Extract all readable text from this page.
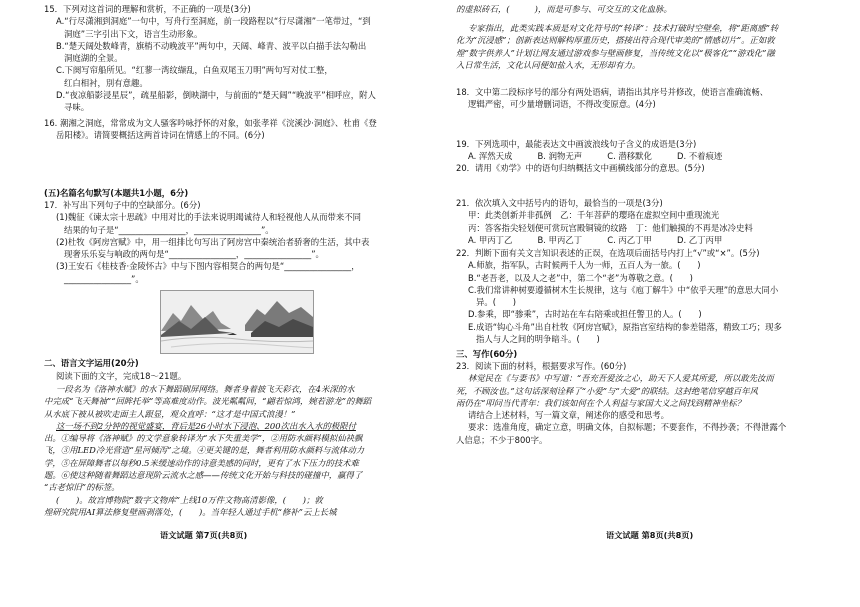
15．下列对这首词的理解和赏析，不正确的一项是(3分)

A.“行尽潇湘到洞庭”一句中，写舟行至洞庭，前一段路程以“行尽潇湘”一笔带过，“到

洞庭”三字引出下文，语言生动形象。

B.“楚天阔处数峰青，旗梢不动晚波平”两句中，天阔、峰青、波平以白描手法勾勒出

洞庭湖的全景。

C.下阕写帘船所见。“红蓼一湾纹缬乱，白鱼双尾玉刀明”两句写对仗工整，

红白相衬，別有意趣。

D.“夜凉船影浸星辰”，疏星船影，倒映湖中，与前面的“楚天阔”“晚波平”相呼应，附人

寻味。

16. 潮湘之洞庭，常常成为文人骚客吟咏抒怀的对象，如张孝祥《浣溪沙·洞庭》、杜甫《登

岳阳楼》。请简要概括这两首诗词在情感上的不同。(6分)

(五)名篇名句默写(本题共1小题，6分)

17．补写出下列句子中的空缺部分。(6分)

(1)魏征《谏太宗十思疏》中用对比的手法来说明竭诚待人和轻视他人从而带来不同

结果的句子是“________________，________________”。

(2)杜牧《阿房宫赋》中，用一组排比句写出了阿房宫中秦统治者骄奢的生活，其中表

现奢乐乐妄与响政的两句是“________________，________________”。

(3)王安石《桂枝香·金陵怀古》中与下图内容相契合的两句是“________________，

________________”。

二、语言文字运用(20分)

阅读下面的文字，完成18～21题。

一段名为《洛神水赋》的水下舞蹈刷屏网络。舞者身着披飞天彩衣，在4米深的水

中完成“飞天舞袖”“回眸托举”等高难度动作。波光粼粼间，“翩若惊鸿，婉若游龙”的舞蹈

从水底下被从被吹走面主人跟显，观众直呼：“这才是中国式浪漫！”

这一场不到2分钟的视觉盛宴，背后是26小时水下浸泡、200次出水入水的极限付

出。①编导将《洛神赋》的文学意象转译为“水下失重美学”，②用防水颜料模拟仙袂飘

飞，③用LED冷光营造“星河倾泻”之境。④更关键的是，舞者利用防水颜料与流体动力

学，⑤在屏障舞者以每秒0.5米缓速动作的诗意美感的同时，更有了水下压力的技术难

题。⑥使这种随着舞蹈达意现阶云流水之感——传统文化开始与科技的碰撞中，赢得了

“古老惊旧”的标签。

(　　)。故宫博物院“数字文物库”上线10万件文物高清影像，(　　)；敦

煌研究院用AI算法修复壁画剥落处，(　　)。当年轻人通过手机“修补”云上长城

语文试题 第7页(共8页)

的虚拟砖石，(　　　)，而是可参与、可交互的文化血脉。

专家指出，此类实践本质是对文化符号的“转译”：技术打破时空壁垒，将“距离感”转

化为“沉浸感”；创新表达则解构厚重历史，搭接出符合现代审美的“情感切片”。正如敦

煌“数字供养人”计划让网友通过游戏参与壁画修复，当传统文化以“极客化”“游戏化”融

入日常生活，文化认同便如盐入水，无形却有力。

18．文中第二段标序号的部分有两处语病，请指出其序号并修改，使语言准确流畅、

逻辑严密，可少量增删词语，不得改变原意。(4分)

19．下列选项中，最能表达文中画波浪线句子含义的成语是(3分)

A. 浑然天成　　　B. 润物无声　　　C. 潜移默化　　　D. 不着痕迹

20．请用《劝学》中的语句归纳概括文中画横线部分的意思。(5分)

21．依次填入文中括号内的语句，最恰当的一项是(3分)

甲：此类创新并非孤例　乙：千年菩萨的璎珞在虚拟空间中重现流光

丙：答客指尖轻划便可赏玩宫殿铜镜的纹路　丁：他们触摸的不再是冰冷史料

A. 甲丙丁乙　　　B. 甲丙乙丁　　　C. 丙乙丁甲　　　D. 乙丁丙甲

22．判断下面有关文言知识表述的正误，在选项后面括号内打上“√”或“×”。(5分)

A.师旅，指军队，古时候两千人为一师，五百人为一旅。(　　)

B.“老吾老，以及人之老”中，第二个“老”为尊敬之意。(　　)

C.我们常讲种树要遵循树木生长规律，这与《庖丁解牛》中“依乎天理”的意思大同小

异。(　　)

D.参乘，即“骖乘”，古时站在车右陪乘或担任警卫的人。(　　)

E.成语“钩心斗角”出自杜牧《阿房宫赋》，原指宫室结构的参差错落，精致工巧；现多

指人与人之间的明争暗斗。(　　)

三、写作(60分)

23．阅读下面的材料，根据要求写作。(60分)

林觉民在《与妻书》中写道：“吾充吾爱汝之心，助天下人爱其所爱，所以敢先汝而

死，不顾汝也。”这句话深刻诠释了“小爱”与“大爱”的联结。这封绝笔信穿越百年风

雨仍在“叩问当代青年：我们该如何在个人利益与家国大义之间找到精神坐标？

请结合上述材料，写一篇文章，阐述你的感受和思考。

要求：选准角度，确定立意，明确文体，自拟标题；不要套作，不得抄袭；不得泄露个

人信息；不少于800字。

语文试题 第8页(共8页)
